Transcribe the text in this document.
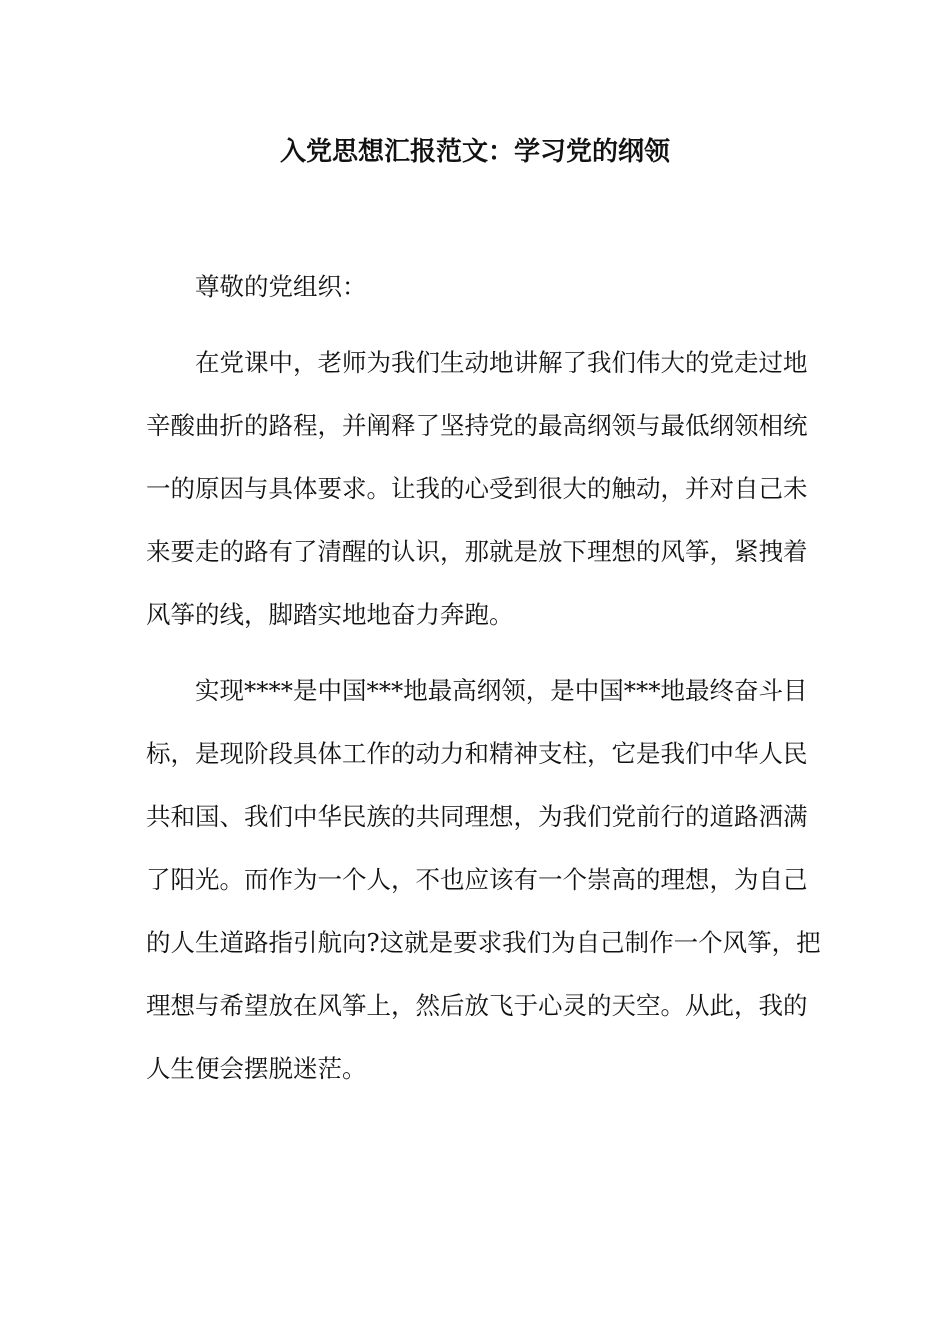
入党思想汇报范文：学习党的纲领
尊敬的党组织：
在党课中，老师为我们生动地讲解了我们伟大的党走过地
辛酸曲折的路程，并阐释了坚持党的最高纲领与最低纲领相统
一的原因与具体要求。让我的心受到很大的触动，并对自己未
来要走的路有了清醒的认识，那就是放下理想的风筝，紧拽着
风筝的线，脚踏实地地奋力奔跑。
实现****是中国***地最高纲领，是中国***地最终奋斗目
标，是现阶段具体工作的动力和精神支柱，它是我们中华人民
共和国、我们中华民族的共同理想，为我们党前行的道路洒满
了阳光。而作为一个人，不也应该有一个崇高的理想，为自己
的人生道路指引航向?这就是要求我们为自己制作一个风筝，把
理想与希望放在风筝上，然后放飞于心灵的天空。从此，我的
人生便会摆脱迷茫。
